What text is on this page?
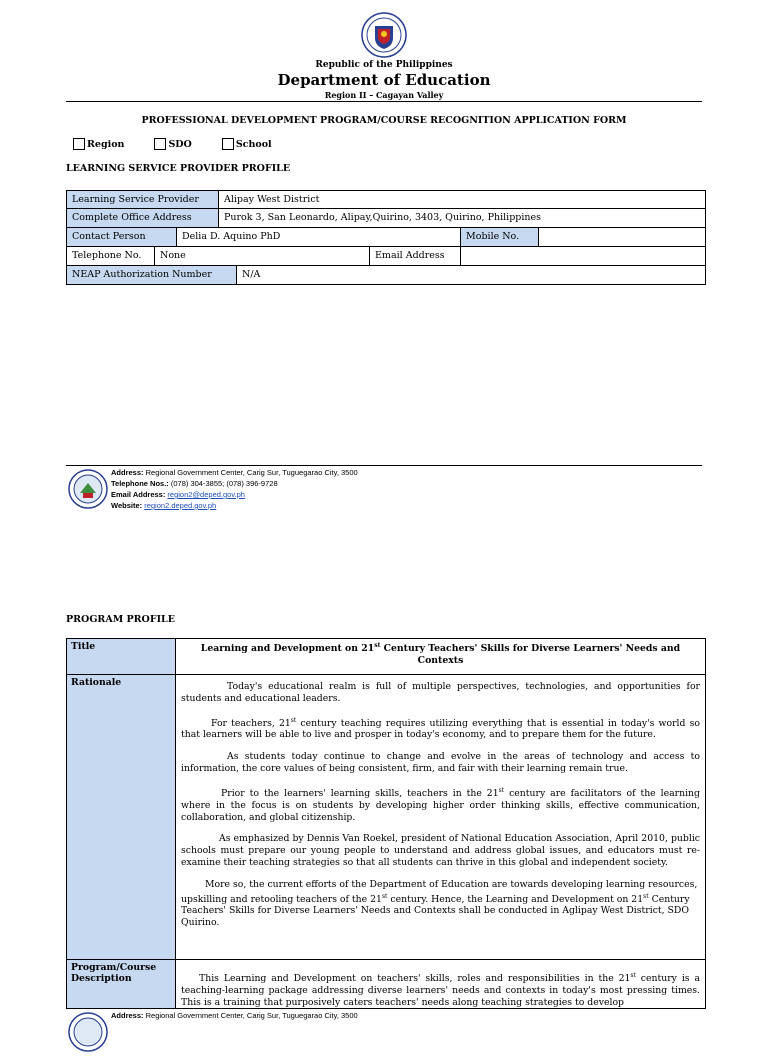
Republic of the Philippines
Department of Education
Region II – Cagayan Valley
PROFESSIONAL DEVELOPMENT PROGRAM/COURSE RECOGNITION APPLICATION FORM
Region	SDO	School
LEARNING SERVICE PROVIDER PROFILE
Learning Service Provider	Alipay West District
Complete Office Address	Purok 3, San Leonardo, Alipay,Quirino, 3403, Quirino, Philippines
Contact Person	Delia D. Aquino PhD	Mobile No.
Telephone No.	None	Email Address
NEAP Authorization Number	N/A
Address: Regional Government Center, Carig Sur, Tuguegarao City, 3500
Telephone Nos.: (078) 304-3855; (078) 396-9728
Email Address: region2@deped.gov.ph
Website: region2.deped.gov.ph
PROGRAM PROFILE
Title	Learning and Development on 21st Century Teachers' Skills for Diverse Learners' Needs and Contexts
Rationale	Today's educational realm is full of multiple perspectives, technologies, and opportunities for students and educational leaders.

For teachers, 21st century teaching requires utilizing everything that is essential in today's world so that learners will be able to live and prosper in today's economy, and to prepare them for the future.

As students today continue to change and evolve in the areas of technology and access to information, the core values of being consistent, firm, and fair with their learning remain true.

Prior to the learners' learning skills, teachers in the 21st century are facilitators of the learning where in the focus is on students by developing higher order thinking skills, effective communication, collaboration, and global citizenship.

As emphasized by Dennis Van Roekel, president of National Education Association, April 2010, public schools must prepare our young people to understand and address global issues, and educators must re-examine their teaching strategies so that all students can thrive in this global and independent society.

More so, the current efforts of the Department of Education are towards developing learning resources, upskilling and retooling teachers of the 21st century. Hence, the Learning and Development on 21st Century Teachers' Skills for Diverse Learners' Needs and Contexts shall be conducted in Aglipay West District, SDO Quirino.

Program/Course Description	This Learning and Development on teachers' skills, roles and responsibilities in the 21st century is a teaching-learning package addressing diverse learners' needs and contexts in today's most pressing times. This is a training that purposively caters teachers' needs along teaching strategies to develop

Address: Regional Government Center, Carig Sur, Tuguegarao City, 3500
